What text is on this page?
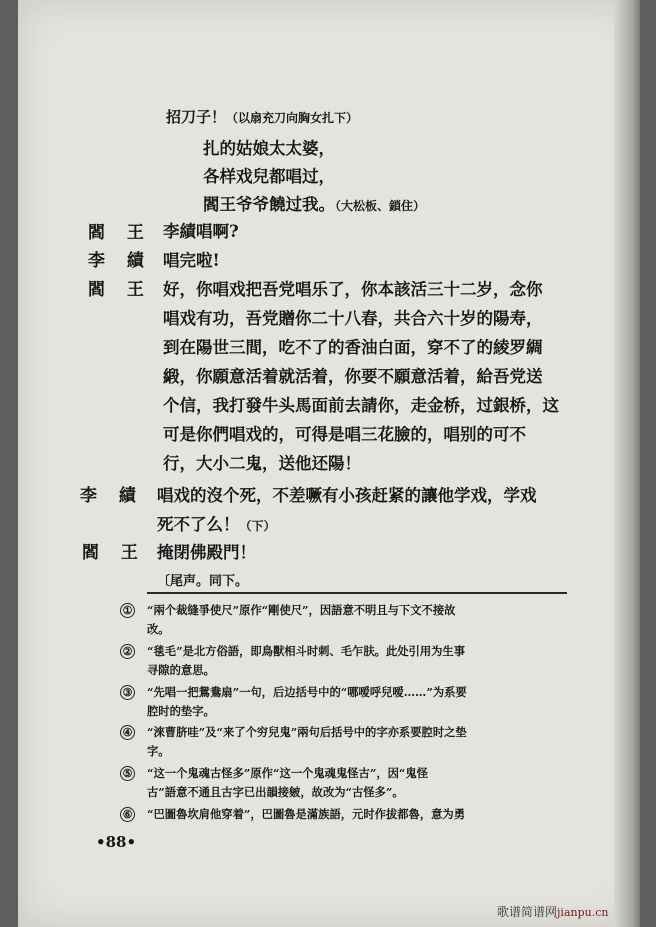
招刀子！（以扇充刀向胸女扎下）
扎的姑娘太太婆，
各样戏兒都唱过，
閻王爷爷饒过我。（大松板、鎖住）
閻 王
李 績
閻 王
李 績
閻 王
李績唱啊?
唱完啦!
好，你唱戏把吾党唱乐了，你本該活三十二岁，念你
唱戏有功，吾党贈你二十八春，共合六十岁的陽寿，
到在陽世三間，吃不了的香油白面，穿不了的綾罗綢
緞，你願意活着就活着，你要不願意活着，給吾党送
个信，我打發牛头馬面前去請你，走金桥，过銀桥，这
可是你們唱戏的，可得是唱三花臉的，唱别的可不
行，大小二鬼，送他还陽！
唱戏的沒个死，不差噘有小孩赶紧的讓他学戏，学戏
死不了么！（下）
掩閉佛殿門！
〔尾声。同下。
① “兩个裁缝爭使尺”原作“剛使尺”，因語意不明且与下文不接故
改。
② “毯毛”是北方俗語，即鳥獸相斗时刺、毛乍肤。此处引用为生事
寻隙的意思。
③ “先唱一把鴛鴦扇”一句，后边括号中的“哪嗳呼兒嗳……”为系要
腔时的垫字。
④ “淶曹脐哇”及“来了个穷兒鬼”兩句后括号中的字亦系要腔时之垫
字。
⑤ “这一个鬼魂古怪多”原作“这一个鬼魂鬼怪古”，因“鬼怪
古”語意不通且古字已出韻接皴，故改为“古怪多”。
⑥ “巴圖魯坎肩他穿着”，巴圖魯是滿族語，元时作拔都魯，意为勇
•88•
歌谱简谱网jianpu.cn
